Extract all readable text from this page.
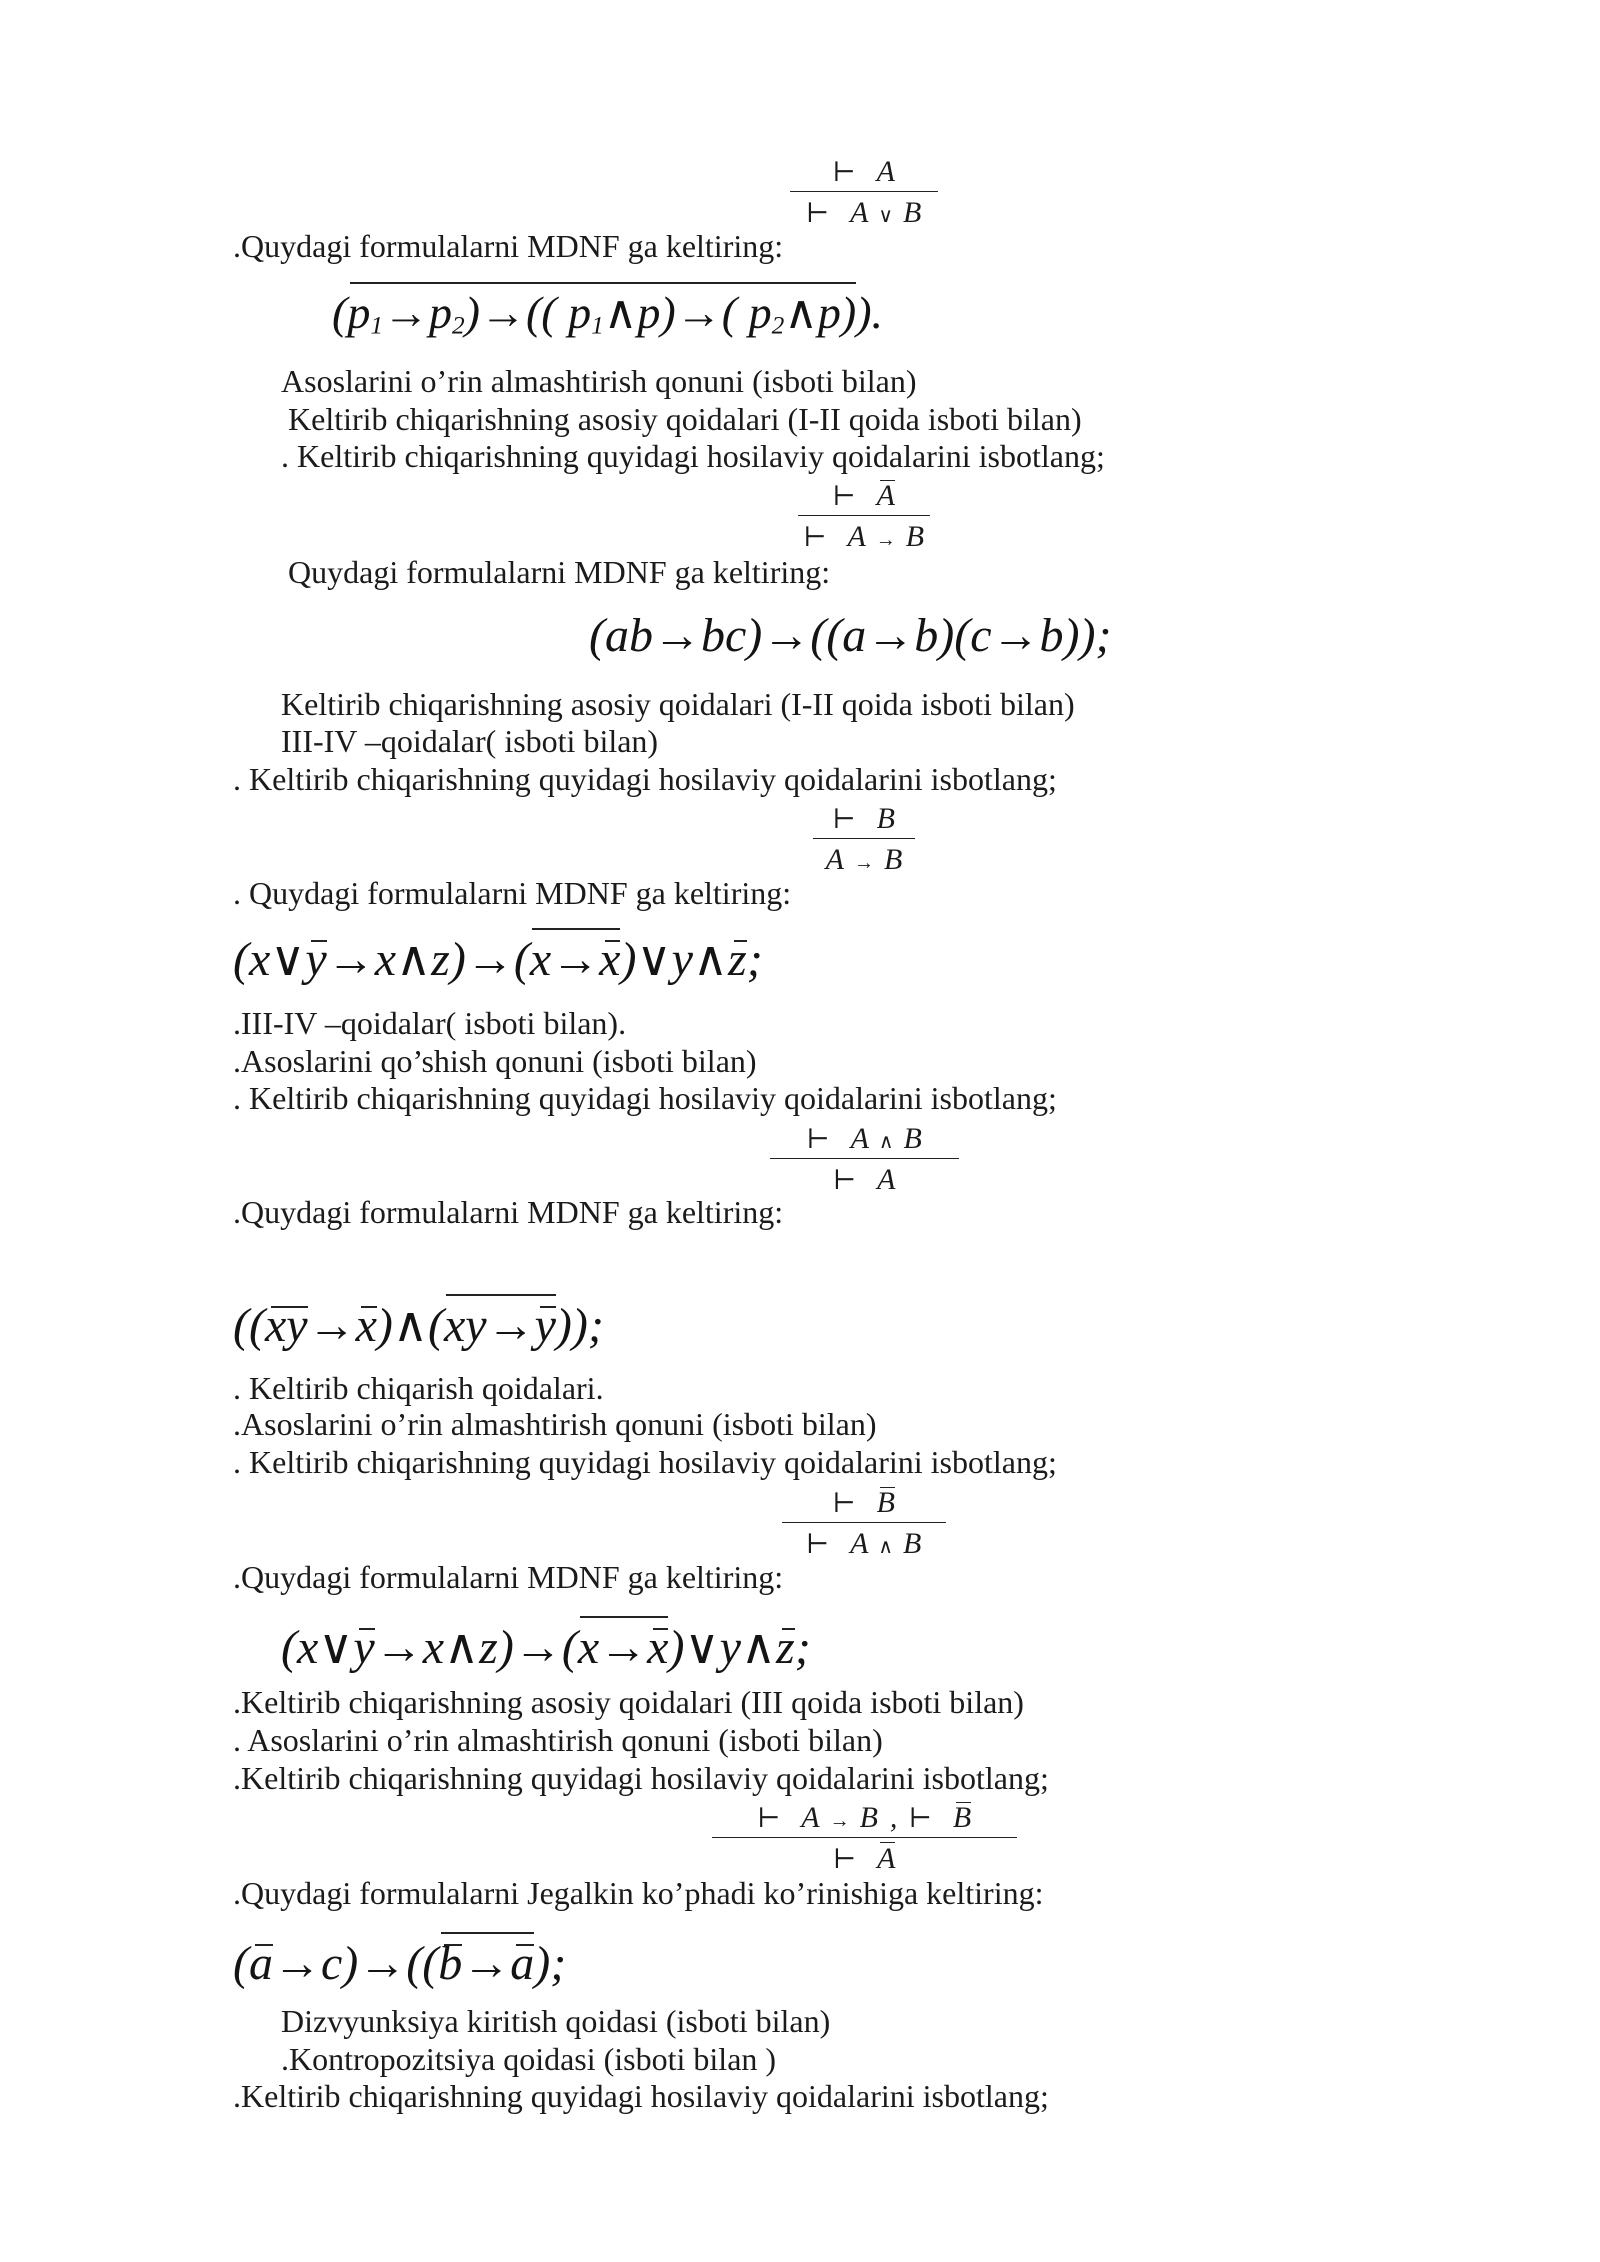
⊢ A
⊢ A ∨ B
.Quydagi formulalarni MDNF ga keltiring:
$(p_1\to p_2)\to$(( $p_1\wedge p)\to$( $p_2\wedge p$)).
Asoslarini o’rin almashtirish qonuni (isboti bilan)
Keltirib chiqarishning asosiy qoidalari (I-II qoida isboti bilan)
. Keltirib chiqarishning quyidagi hosilaviy qoidalarini isbotlang;
⊢ A
⊢ A → B
Quydagi formulalarni MDNF ga keltiring:
(ab→bc)→((a→b)(c→b));
Keltirib chiqarishning asosiy qoidalari (I-II qoida isboti bilan)
III-IV –qoidalar( isboti bilan)
. Keltirib chiqarishning quyidagi hosilaviy qoidalarini isbotlang;
⊢ B
A → B
. Quydagi formulalarni MDNF ga keltiring:
(x∨y→x∧z)→(x→x)∨y∧z;
.III-IV –qoidalar( isboti bilan).
.Asoslarini qo’shish qonuni (isboti bilan)
. Keltirib chiqarishning quyidagi hosilaviy qoidalarini isbotlang;
⊢ A ∧ B
⊢ A
.Quydagi formulalarni MDNF ga keltiring:
((xy→x)∧(xy→y));
. Keltirib chiqarish qoidalari.
.Asoslarini o’rin almashtirish qonuni (isboti bilan)
. Keltirib chiqarishning quyidagi hosilaviy qoidalarini isbotlang;
⊢ B
⊢ A ∧ B
.Quydagi formulalarni MDNF ga keltiring:
(x∨y→x∧z)→(x→x)∨y∧z;
.Keltirib chiqarishning asosiy qoidalari (III qoida isboti bilan)
. Asoslarini o’rin almashtirish qonuni (isboti bilan)
.Keltirib chiqarishning quyidagi hosilaviy qoidalarini isbotlang;
⊢ A → B , ⊢ B
⊢ A
.Quydagi formulalarni Jegalkin ko’phadi ko’rinishiga keltiring:
(a→c)→((b→a);
Dizvyunksiya kiritish qoidasi (isboti bilan)
.Kontropozitsiya qoidasi (isboti bilan )
.Keltirib chiqarishning quyidagi hosilaviy qoidalarini isbotlang;
